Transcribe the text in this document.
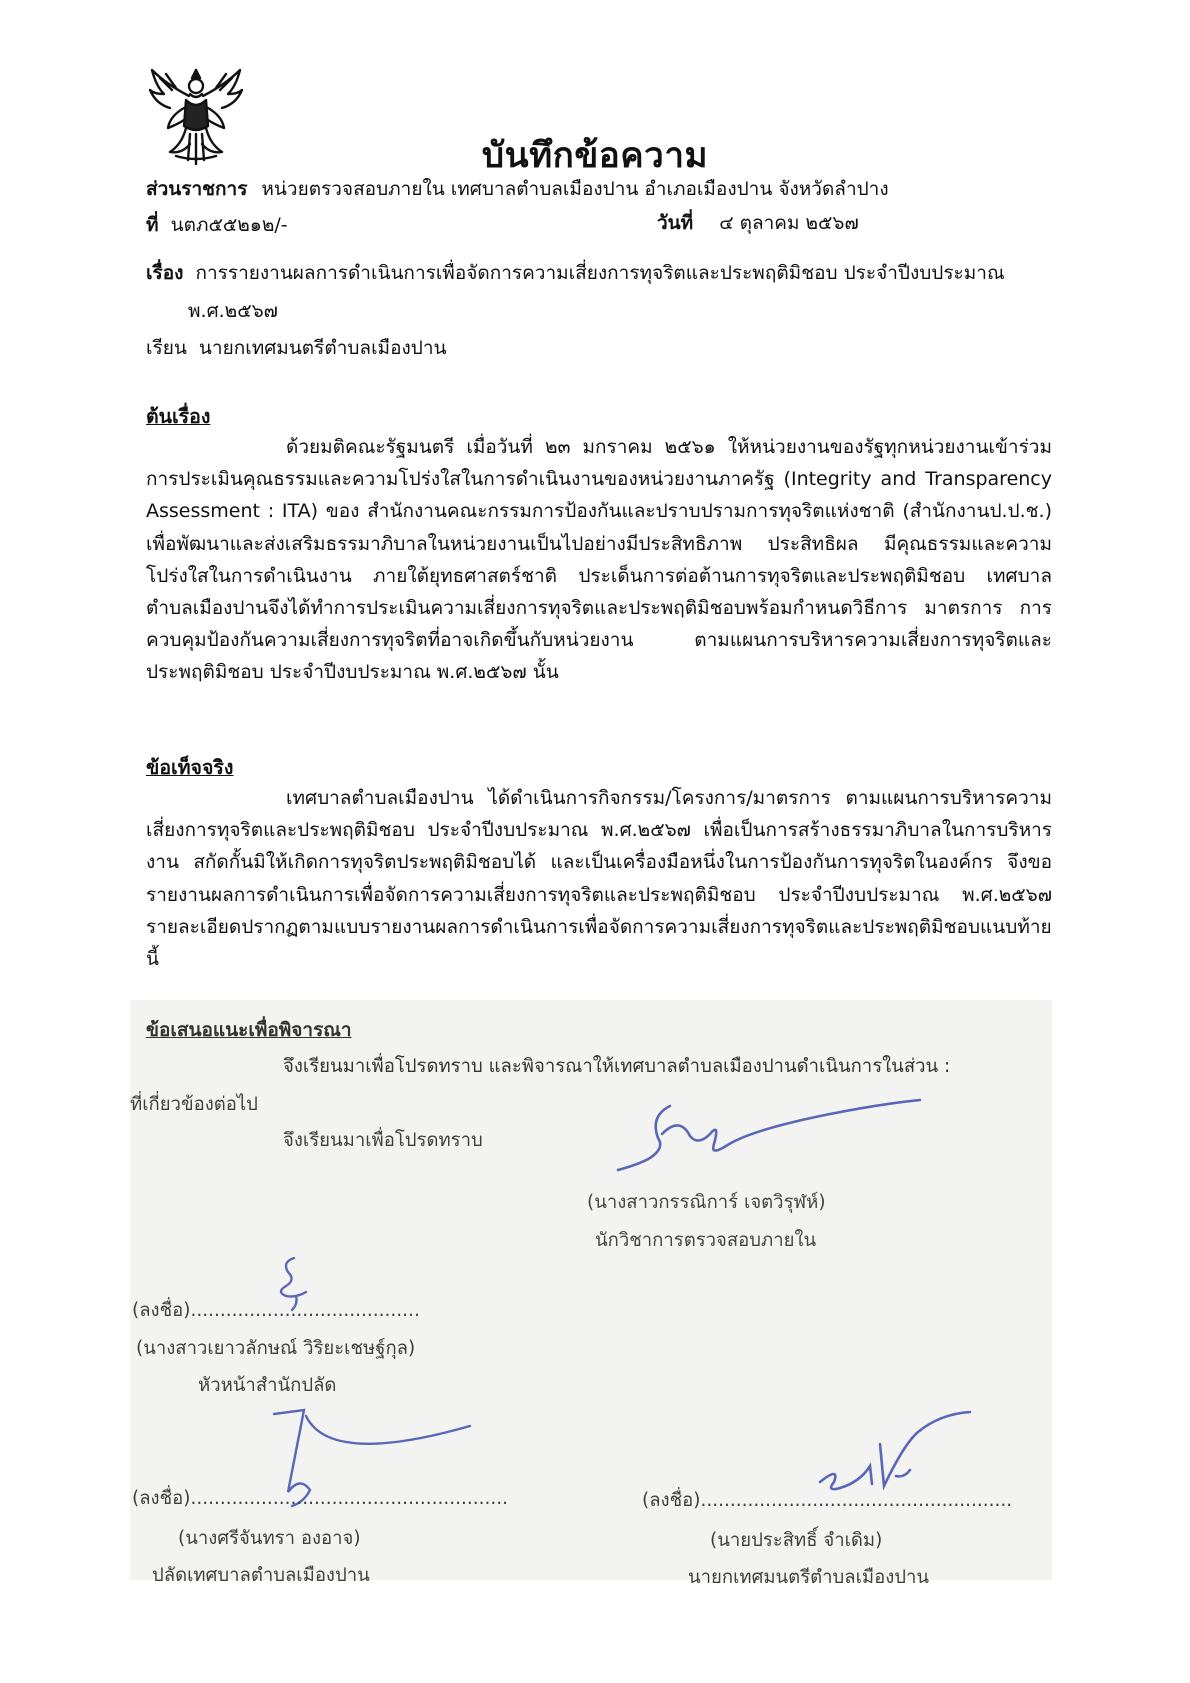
บันทึกข้อความ
ส่วนราชการ หน่วยตรวจสอบภายใน เทศบาลตำบลเมืองปาน อำเภอเมืองปาน จังหวัดลำปาง
ที่ นตภ๕๕๒๑๒/-	วันที่ ๔ ตุลาคม ๒๕๖๗
เรื่อง การรายงานผลการดำเนินการเพื่อจัดการความเสี่ยงการทุจริตและประพฤติมิชอบ ประจำปีงบประมาณ
พ.ศ.๒๕๖๗
เรียน นายกเทศมนตรีตำบลเมืองปาน
ต้นเรื่อง

ด้วยมติคณะรัฐมนตรี เมื่อวันที่ ๒๓ มกราคม ๒๕๖๑ ให้หน่วยงานของรัฐทุกหน่วยงานเข้าร่วมการประเมินคุณธรรมและความโปร่งใสในการดำเนินงานของหน่วยงานภาครัฐ (Integrity and Transparency Assessment : ITA) ของ สำนักงานคณะกรรมการป้องกันและปราบปรามการทุจริตแห่งชาติ (สำนักงานป.ป.ช.) เพื่อพัฒนาและส่งเสริมธรรมาภิบาลในหน่วยงานเป็นไปอย่างมีประสิทธิภาพ ประสิทธิผล มีคุณธรรมและความโปร่งใสในการดำเนินงาน ภายใต้ยุทธศาสตร์ชาติ ประเด็นการต่อต้านการทุจริตและประพฤติมิชอบ เทศบาลตำบลเมืองปานจึงได้ทำการประเมินความเสี่ยงการทุจริตและประพฤติมิชอบพร้อมกำหนดวิธีการ มาตรการ การควบคุมป้องกันความเสี่ยงการทุจริตที่อาจเกิดขึ้นกับหน่วยงาน ตามแผนการบริหารความเสี่ยงการทุจริตและประพฤติมิชอบ ประจำปีงบประมาณ พ.ศ.๒๕๖๗ นั้น

ข้อเท็จจริง

เทศบาลตำบลเมืองปาน ได้ดำเนินการกิจกรรม/โครงการ/มาตรการ ตามแผนการบริหารความเสี่ยงการทุจริตและประพฤติมิชอบ ประจำปีงบประมาณ พ.ศ.๒๕๖๗ เพื่อเป็นการสร้างธรรมาภิบาลในการบริหารงาน สกัดกั้นมิให้เกิดการทุจริตประพฤติมิชอบได้ และเป็นเครื่องมือหนึ่งในการป้องกันการทุจริตในองค์กร จึงขอรายงานผลการดำเนินการเพื่อจัดการความเสี่ยงการทุจริตและประพฤติมิชอบ ประจำปีงบประมาณ พ.ศ.๒๕๖๗ รายละเอียดปรากฏตามแบบรายงานผลการดำเนินการเพื่อจัดการความเสี่ยงการทุจริตและประพฤติมิชอบแนบท้ายนี้

ข้อเสนอแนะเพื่อพิจารณา
จึงเรียนมาเพื่อโปรดทราบ และพิจารณาให้เทศบาลตำบลเมืองปานดำเนินการในส่วน :
ที่เกี่ยวข้องต่อไป
จึงเรียนมาเพื่อโปรดทราบ
(นางสาวกรรณิการ์ เจตวิรุฬห์)
นักวิชาการตรวจสอบภายใน
(ลงชื่อ).......................................
(นางสาวเยาวลักษณ์ วิริยะเชษฐ์กุล)
หัวหน้าสำนักปลัด
(ลงชื่อ)......................................................
(นางศรีจันทรา องอาจ)
ปลัดเทศบาลตำบลเมืองปาน
(ลงชื่อ).....................................................
(นายประสิทธิ์ จำเดิม)
นายกเทศมนตรีตำบลเมืองปาน
